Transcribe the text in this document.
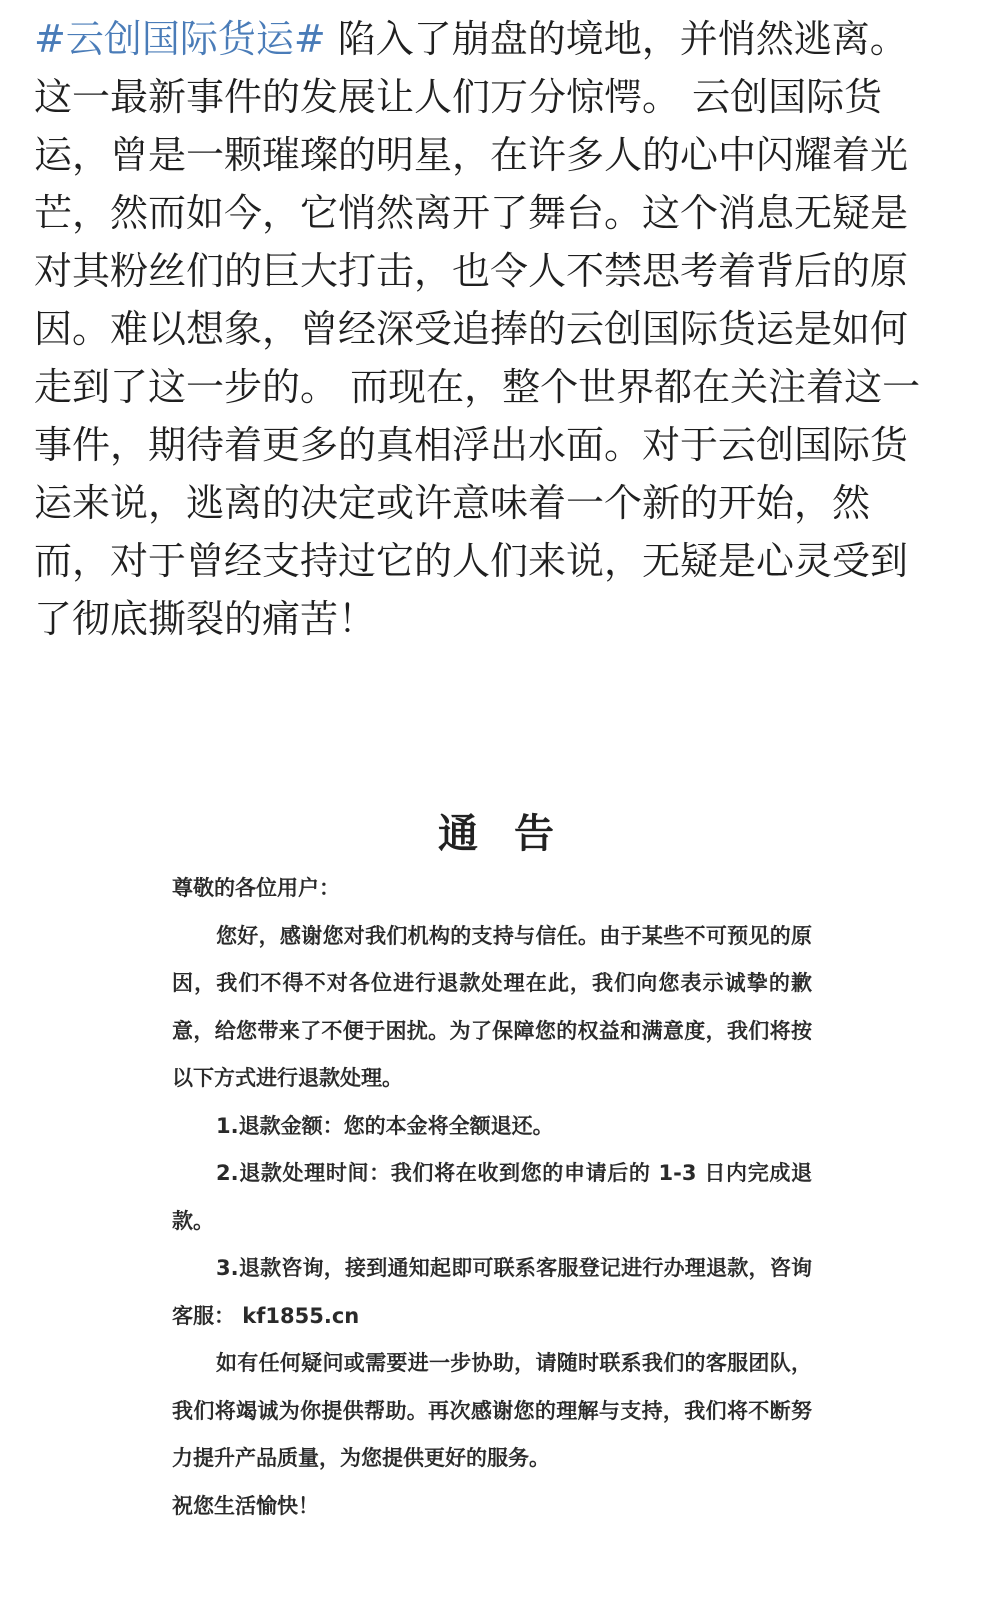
#云创国际货运# 陷入了崩盘的境地，并悄然逃离。这一最新事件的发展让人们万分惊愕。 云创国际货运，曾是一颗璀璨的明星，在许多人的心中闪耀着光芒，然而如今，它悄然离开了舞台。这个消息无疑是对其粉丝们的巨大打击，也令人不禁思考着背后的原因。难以想象，曾经深受追捧的云创国际货运是如何走到了这一步的。 而现在，整个世界都在关注着这一事件，期待着更多的真相浮出水面。对于云创国际货运来说，逃离的决定或许意味着一个新的开始，然而，对于曾经支持过它的人们来说，无疑是心灵受到了彻底撕裂的痛苦！

通告

尊敬的各位用户：

您好，感谢您对我们机构的支持与信任。由于某些不可预见的原因，我们不得不对各位进行退款处理在此，我们向您表示诚挚的歉意，给您带来了不便于困扰。为了保障您的权益和满意度，我们将按以下方式进行退款处理。

1.退款金额：您的本金将全额退还。

2.退款处理时间：我们将在收到您的申请后的 1-3 日内完成退款。

3.退款咨询，接到通知起即可联系客服登记进行办理退款，咨询客服： kf1855.cn

如有任何疑问或需要进一步协助，请随时联系我们的客服团队，我们将竭诚为你提供帮助。再次感谢您的理解与支持，我们将不断努力提升产品质量，为您提供更好的服务。

祝您生活愉快！
